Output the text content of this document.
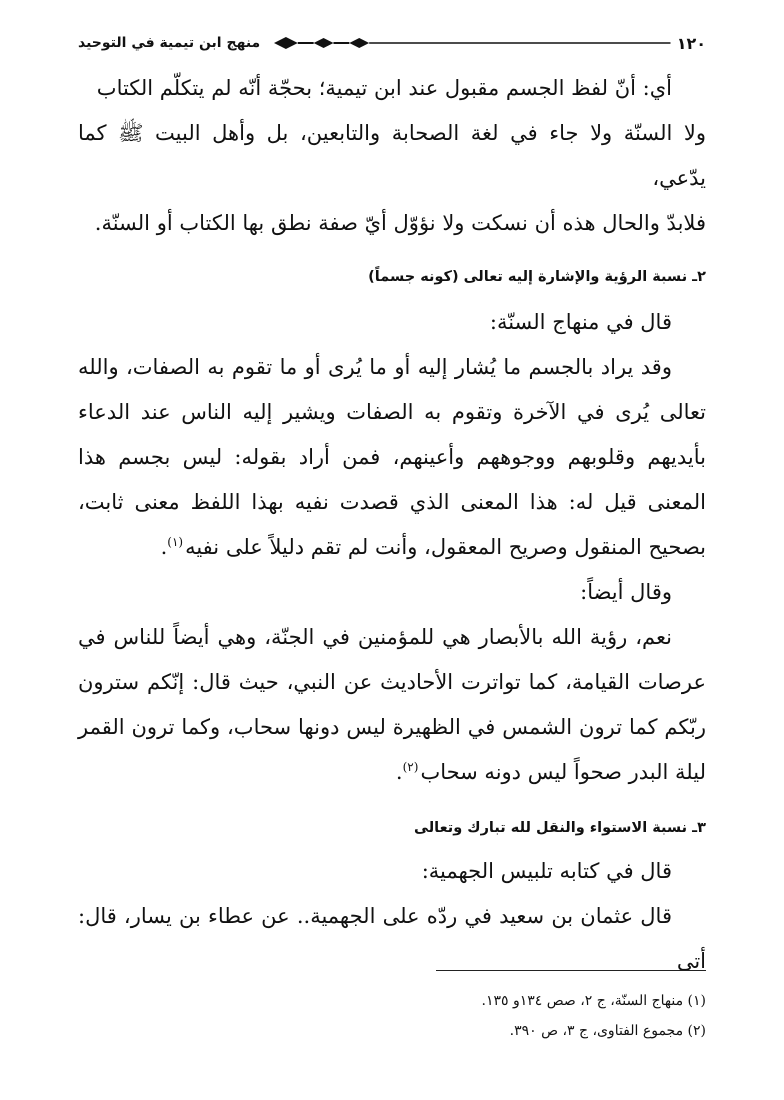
١٢٠
منهج ابن تيمية في التوحيد

أي: أنّ لفظ الجسم مقبول عند ابن تيمية؛ بحجّة أنّه لم يتكلّم الكتاب

ولا السنّة ولا جاء في لغة الصحابة والتابعين، بل وأهل البيت ﷺ كما يدّعي،

فلابدّ والحال هذه أن نسكت ولا نؤوّل أيّ صفة نطق بها الكتاب أو السنّة.

٢ـ نسبة الرؤية والإشارة إليه تعالى (كونه جسماً)

قال في منهاج السنّة:

وقد يراد بالجسم ما يُشار إليه أو ما يُرى أو ما تقوم به الصفات، والله تعالى يُرى في الآخرة وتقوم به الصفات ويشير إليه الناس عند الدعاء بأيديهم وقلوبهم ووجوههم وأعينهم، فمن أراد بقوله: ليس بجسم هذا المعنى قيل له: هذا المعنى الذي قصدت نفيه بهذا اللفظ معنى ثابت، بصحيح المنقول وصريح المعقول، وأنت لم تقم دليلاً على نفيه$^{(١)}$.

وقال أيضاً:

نعم، رؤية الله بالأبصار هي للمؤمنين في الجنّة، وهي أيضاً للناس في عرصات القيامة، كما تواترت الأحاديث عن النبي، حيث قال: إنّكم سترون ربّكم كما ترون الشمس في الظهيرة ليس دونها سحاب، وكما ترون القمر ليلة البدر صحواً ليس دونه سحاب$^{(٢)}$.

٣ـ نسبة الاستواء والنقل لله تبارك وتعالى

قال في كتابه تلبيس الجهمية:

قال عثمان بن سعيد في ردّه على الجهمية.. عن عطاء بن يسار، قال: أتى

(١) منهاج السنّة، ج ٢، صص ١٣٤و ١٣٥.

(٢) مجموع الفتاوى، ج ٣، ص ٣٩٠.
